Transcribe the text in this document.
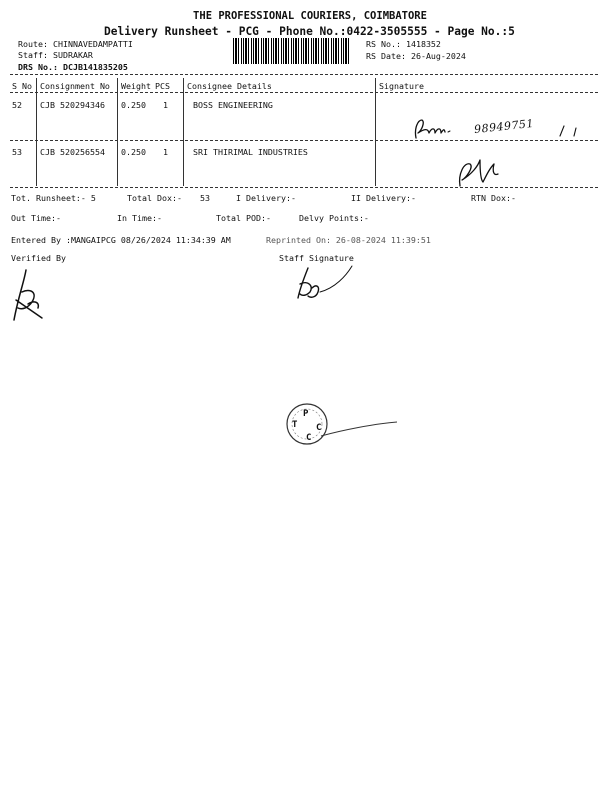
THE PROFESSIONAL COURIERS, COIMBATORE
Delivery Runsheet - PCG - Phone No.:0422-3505555 - Page No.:5
Route: CHINNAVEDAMPATTI
Staff: SUDRAKAR
DRS No.: DCJB141835205
RS No.: 1418352
RS Date: 26-Aug-2024
S No Consignment No Weight PCS Consignee Details	Signature
52 CJB 520294346 0.250 1	BOSS ENGINEERING
53 CJB 520256554 0.250 1	SRI THIRIMAL INDUSTRIES
98949751
Tot. Runsheet:- 5	Total Dox:- 53	I Delivery:-	II Delivery:-	RTN Dox:-
Out Time:-	In Time:-	Total POD:-	Delvy Points:-
Entered By :MANGAIPCG 08/26/2024 11:34:39 AM	Reprinted On: 26-08-2024 11:39:51
Verified By	Staff Signature
P
T C
C
